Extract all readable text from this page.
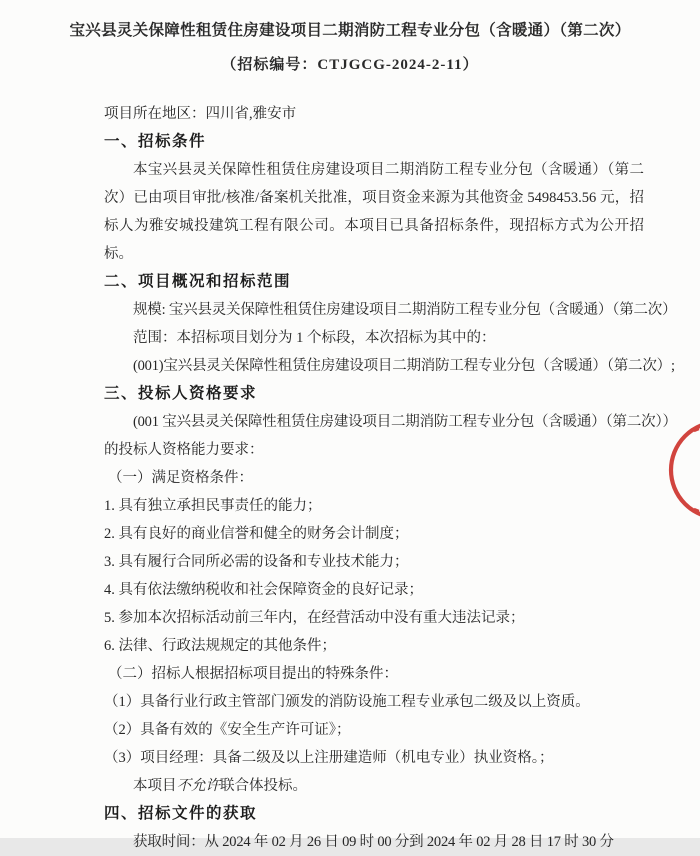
宝兴县灵关保障性租赁住房建设项目二期消防工程专业分包（含暖通）（第二次）
（招标编号：CTJGCG-2024-2-11）
项目所在地区：四川省,雅安市
一、招标条件
本宝兴县灵关保障性租赁住房建设项目二期消防工程专业分包（含暖通）（第二次）已由项目审批/核准/备案机关批准，项目资金来源为其他资金 5498453.56 元，招标人为雅安城投建筑工程有限公司。本项目已具备招标条件，现招标方式为公开招标。
二、项目概况和招标范围
规模: 宝兴县灵关保障性租赁住房建设项目二期消防工程专业分包（含暖通）（第二次）
范围：本招标项目划分为 1 个标段，本次招标为其中的：
(001)宝兴县灵关保障性租赁住房建设项目二期消防工程专业分包（含暖通）（第二次）;
三、投标人资格要求
(001 宝兴县灵关保障性租赁住房建设项目二期消防工程专业分包（含暖通）（第二次））
的投标人资格能力要求：
（一）满足资格条件：
1. 具有独立承担民事责任的能力；
2. 具有良好的商业信誉和健全的财务会计制度；
3. 具有履行合同所必需的设备和专业技术能力；
4. 具有依法缴纳税收和社会保障资金的良好记录；
5. 参加本次招标活动前三年内，在经营活动中没有重大违法记录；
6. 法律、行政法规规定的其他条件；
（二）招标人根据招标项目提出的特殊条件：
（1）具备行业行政主管部门颁发的消防设施工程专业承包二级及以上资质。
（2）具备有效的《安全生产许可证》；
（3）项目经理：具备二级及以上注册建造师（机电专业）执业资格。；
本项目不允许联合体投标。
四、招标文件的获取
获取时间：从 2024 年 02 月 26 日 09 时 00 分到 2024 年 02 月 28 日 17 时 30 分
